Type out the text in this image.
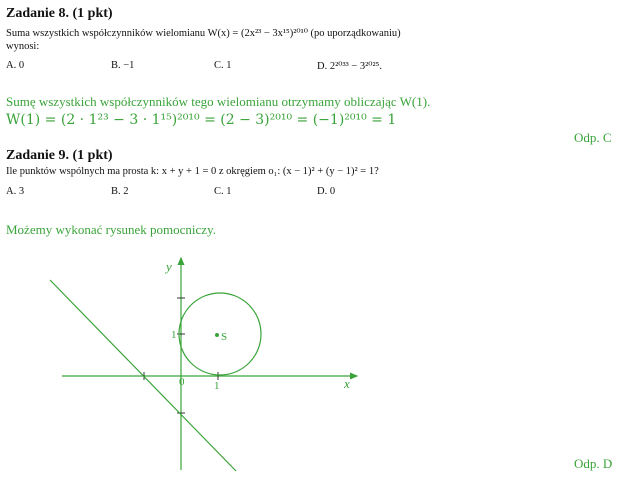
Zadanie 8. (1 pkt)
Suma wszystkich współczynników wielomianu W(x) = (2x²³ − 3x¹⁵)²⁰¹⁰ (po uporządkowaniu)
wynosi:
A. 0	B. −1	C. 1	D. 2²⁰³³ − 3²⁰²⁵.
Sumę wszystkich współczynników tego wielomianu otrzymamy obliczając W(1).
W(1) = (2 · 1²³ − 3 · 1¹⁵)²⁰¹⁰ = (2 − 3)²⁰¹⁰ = (−1)²⁰¹⁰ = 1
Odp. C
Zadanie 9. (1 pkt)
Ile punktów wspólnych ma prosta k: x + y + 1 = 0 z okręgiem o₁: (x − 1)² + (y − 1)² = 1?
A. 3	B. 2	C. 1	D. 0
Możemy wykonać rysunek pomocniczy.
Odp. D
y
x
0	1
1	S
